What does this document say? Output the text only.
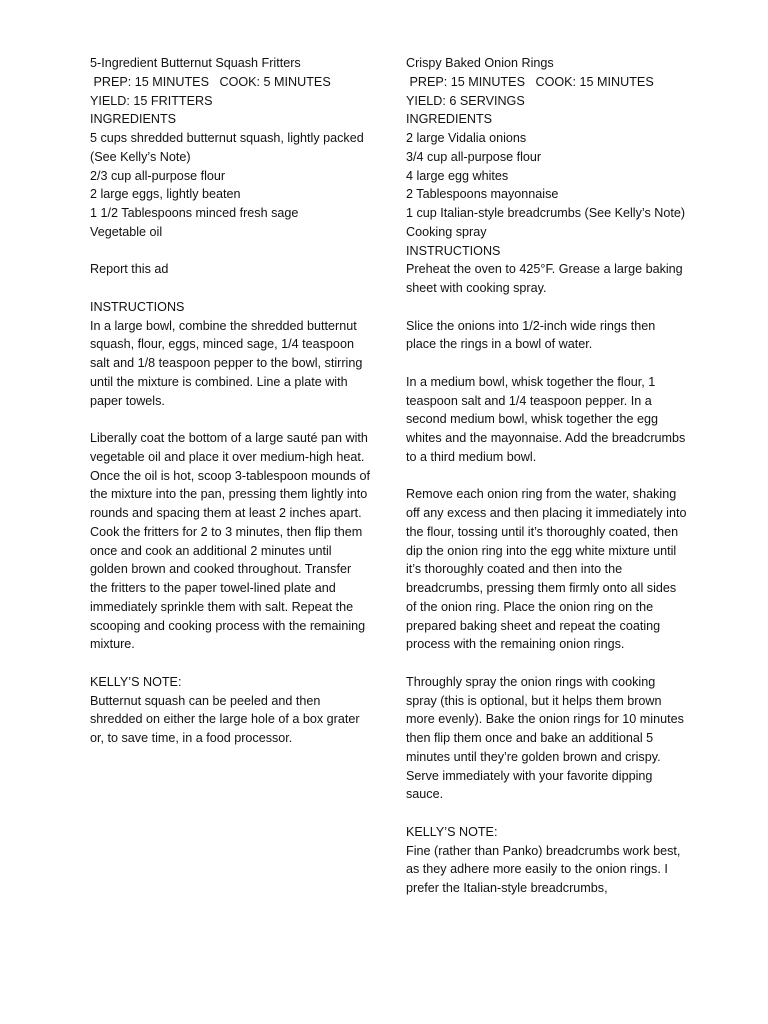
5-Ingredient Butternut Squash Fritters
PREP: 15 MINUTES   COOK: 5 MINUTES   YIELD: 15 FRITTERS
INGREDIENTS
5 cups shredded butternut squash, lightly packed (See Kelly’s Note)
2/3 cup all-purpose flour
2 large eggs, lightly beaten
1 1/2 Tablespoons minced fresh sage
Vegetable oil
Report this ad
INSTRUCTIONS
In a large bowl, combine the shredded butternut squash, flour, eggs, minced sage, 1/4 teaspoon salt and 1/8 teaspoon pepper to the bowl, stirring until the mixture is combined. Line a plate with paper towels.
Liberally coat the bottom of a large sauté pan with vegetable oil and place it over medium-high heat. Once the oil is hot, scoop 3-tablespoon mounds of the mixture into the pan, pressing them lightly into rounds and spacing them at least 2 inches apart. Cook the fritters for 2 to 3 minutes, then flip them once and cook an additional 2 minutes until golden brown and cooked throughout. Transfer the fritters to the paper towel-lined plate and immediately sprinkle them with salt. Repeat the scooping and cooking process with the remaining mixture.
KELLY’S NOTE:
Butternut squash can be peeled and then shredded on either the large hole of a box grater or, to save time, in a food processor.
Crispy Baked Onion Rings
PREP: 15 MINUTES   COOK: 15 MINUTES YIELD: 6 SERVINGS
INGREDIENTS
2 large Vidalia onions
3/4 cup all-purpose flour
4 large egg whites
2 Tablespoons mayonnaise
1 cup Italian-style breadcrumbs (See Kelly’s Note)
Cooking spray
INSTRUCTIONS
Preheat the oven to 425°F. Grease a large baking sheet with cooking spray.
Slice the onions into 1/2-inch wide rings then place the rings in a bowl of water.
In a medium bowl, whisk together the flour, 1 teaspoon salt and 1/4 teaspoon pepper. In a second medium bowl, whisk together the egg whites and the mayonnaise. Add the breadcrumbs to a third medium bowl.
Remove each onion ring from the water, shaking off any excess and then placing it immediately into the flour, tossing until it’s thoroughly coated, then dip the onion ring into the egg white mixture until it’s thoroughly coated and then into the breadcrumbs, pressing them firmly onto all sides of the onion ring. Place the onion ring on the prepared baking sheet and repeat the coating process with the remaining onion rings.
Throughly spray the onion rings with cooking spray (this is optional, but it helps them brown more evenly). Bake the onion rings for 10 minutes then flip them once and bake an additional 5 minutes until they’re golden brown and crispy. Serve immediately with your favorite dipping sauce.
KELLY’S NOTE:
Fine (rather than Panko) breadcrumbs work best, as they adhere more easily to the onion rings. I prefer the Italian-style breadcrumbs,
